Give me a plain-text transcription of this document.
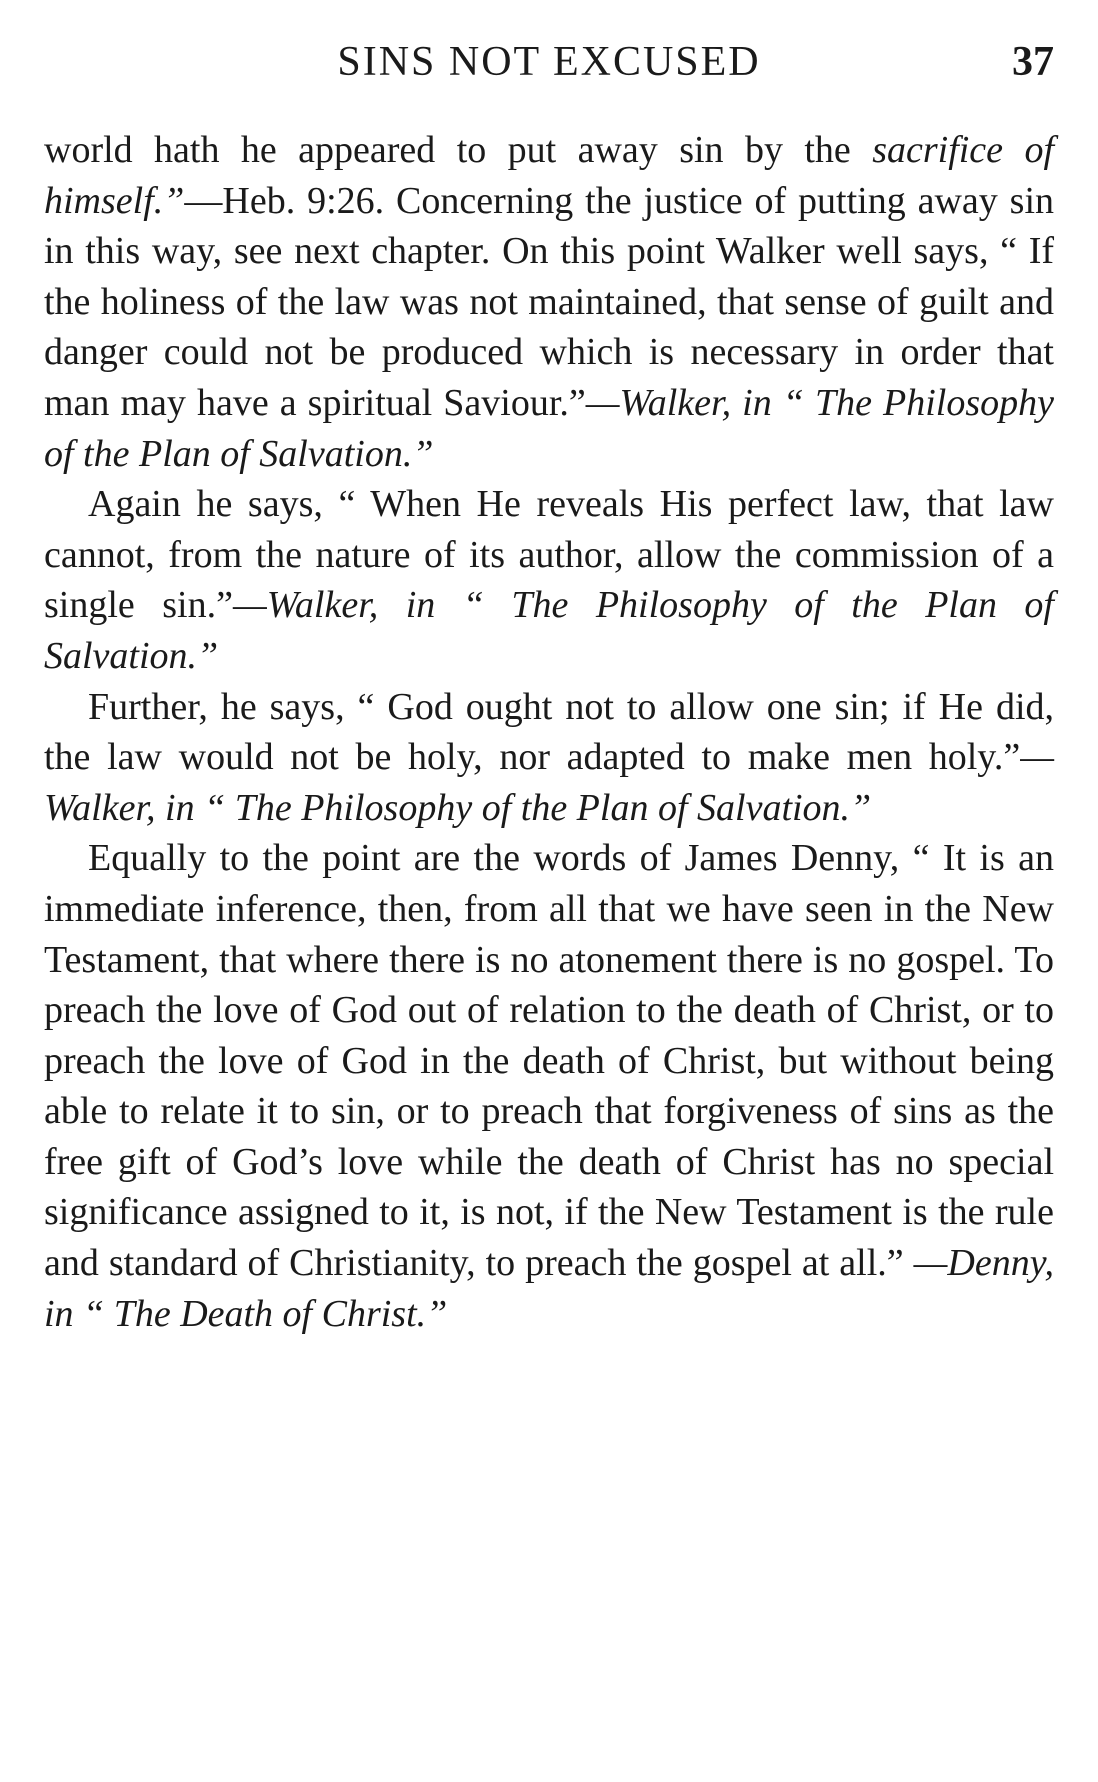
SINS NOT EXCUSED	37

world hath he appeared to put away sin by the sacrifice of himself.”—Heb. 9:26. Concerning the justice of putting away sin in this way, see next chapter. On this point Walker well says, “ If the holiness of the law was not maintained, that sense of guilt and danger could not be produced which is necessary in order that man may have a spiritual Saviour.”—Walker, in “ The Philosophy of the Plan of Salvation.”

Again he says, “ When He reveals His perfect law, that law cannot, from the nature of its author, allow the commission of a single sin.”—Walker, in “ The Philosophy of the Plan of Salvation.”

Further, he says, “ God ought not to allow one sin; if He did, the law would not be holy, nor adapted to make men holy.”—Walker, in “ The Philosophy of the Plan of Salvation.”

Equally to the point are the words of James Denny, “ It is an immediate inference, then, from all that we have seen in the New Testament, that where there is no atonement there is no gospel. To preach the love of God out of relation to the death of Christ, or to preach the love of God in the death of Christ, but without being able to relate it to sin, or to preach that forgiveness of sins as the free gift of God’s love while the death of Christ has no special significance assigned to it, is not, if the New Testament is the rule and standard of Christianity, to preach the gospel at all.” —Denny, in “ The Death of Christ.”
